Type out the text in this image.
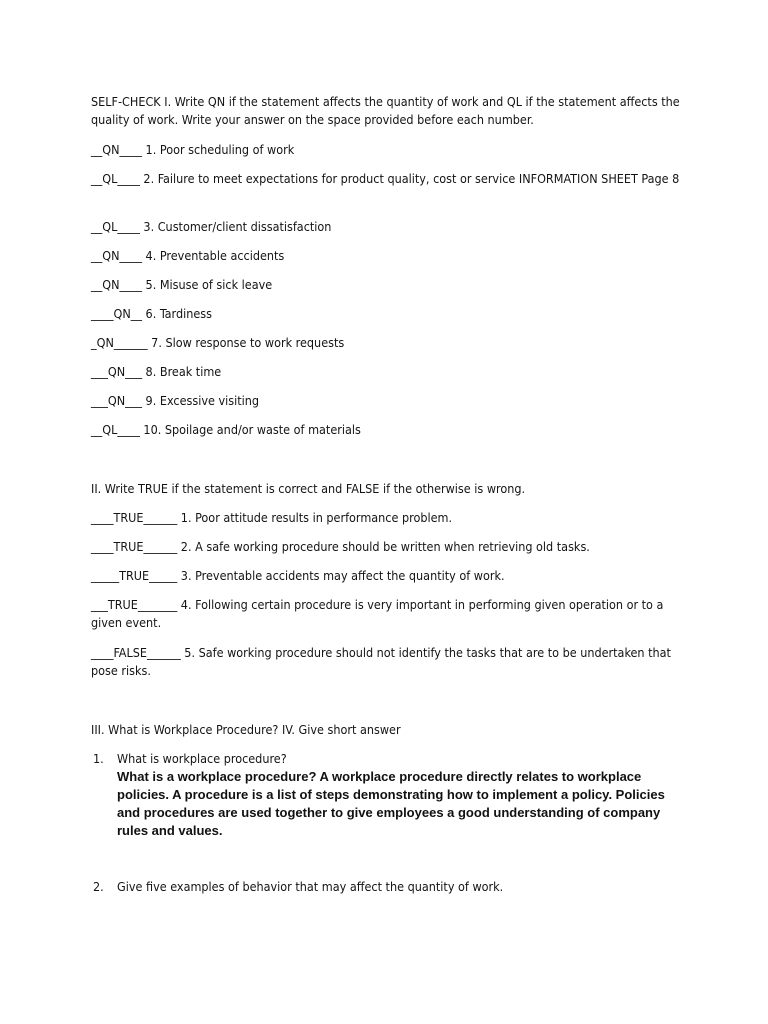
SELF-CHECK I. Write QN if the statement affects the quantity of work and QL if the statement affects the quality of work. Write your answer on the space provided before each number.
__QN____ 1. Poor scheduling of work
__QL____ 2. Failure to meet expectations for product quality, cost or service INFORMATION SHEET Page 8
__QL____ 3. Customer/client dissatisfaction
__QN____ 4. Preventable accidents
__QN____ 5. Misuse of sick leave
____QN__ 6. Tardiness
_QN______ 7. Slow response to work requests
___QN___ 8. Break time
___QN___ 9. Excessive visiting
__QL____ 10. Spoilage and/or waste of materials
II. Write TRUE if the statement is correct and FALSE if the otherwise is wrong.
____TRUE______ 1. Poor attitude results in performance problem.
____TRUE______ 2. A safe working procedure should be written when retrieving old tasks.
_____TRUE_____ 3. Preventable accidents may affect the quantity of work.
___TRUE_______ 4. Following certain procedure is very important in performing given operation or to a given event.
____FALSE______ 5. Safe working procedure should not identify the tasks that are to be undertaken that pose risks.
III. What is Workplace Procedure? IV. Give short answer
1. What is workplace procedure?
What is a workplace procedure? A workplace procedure directly relates to workplace policies. A procedure is a list of steps demonstrating how to implement a policy. Policies and procedures are used together to give employees a good understanding of company rules and values.
2. Give five examples of behavior that may affect the quantity of work.
